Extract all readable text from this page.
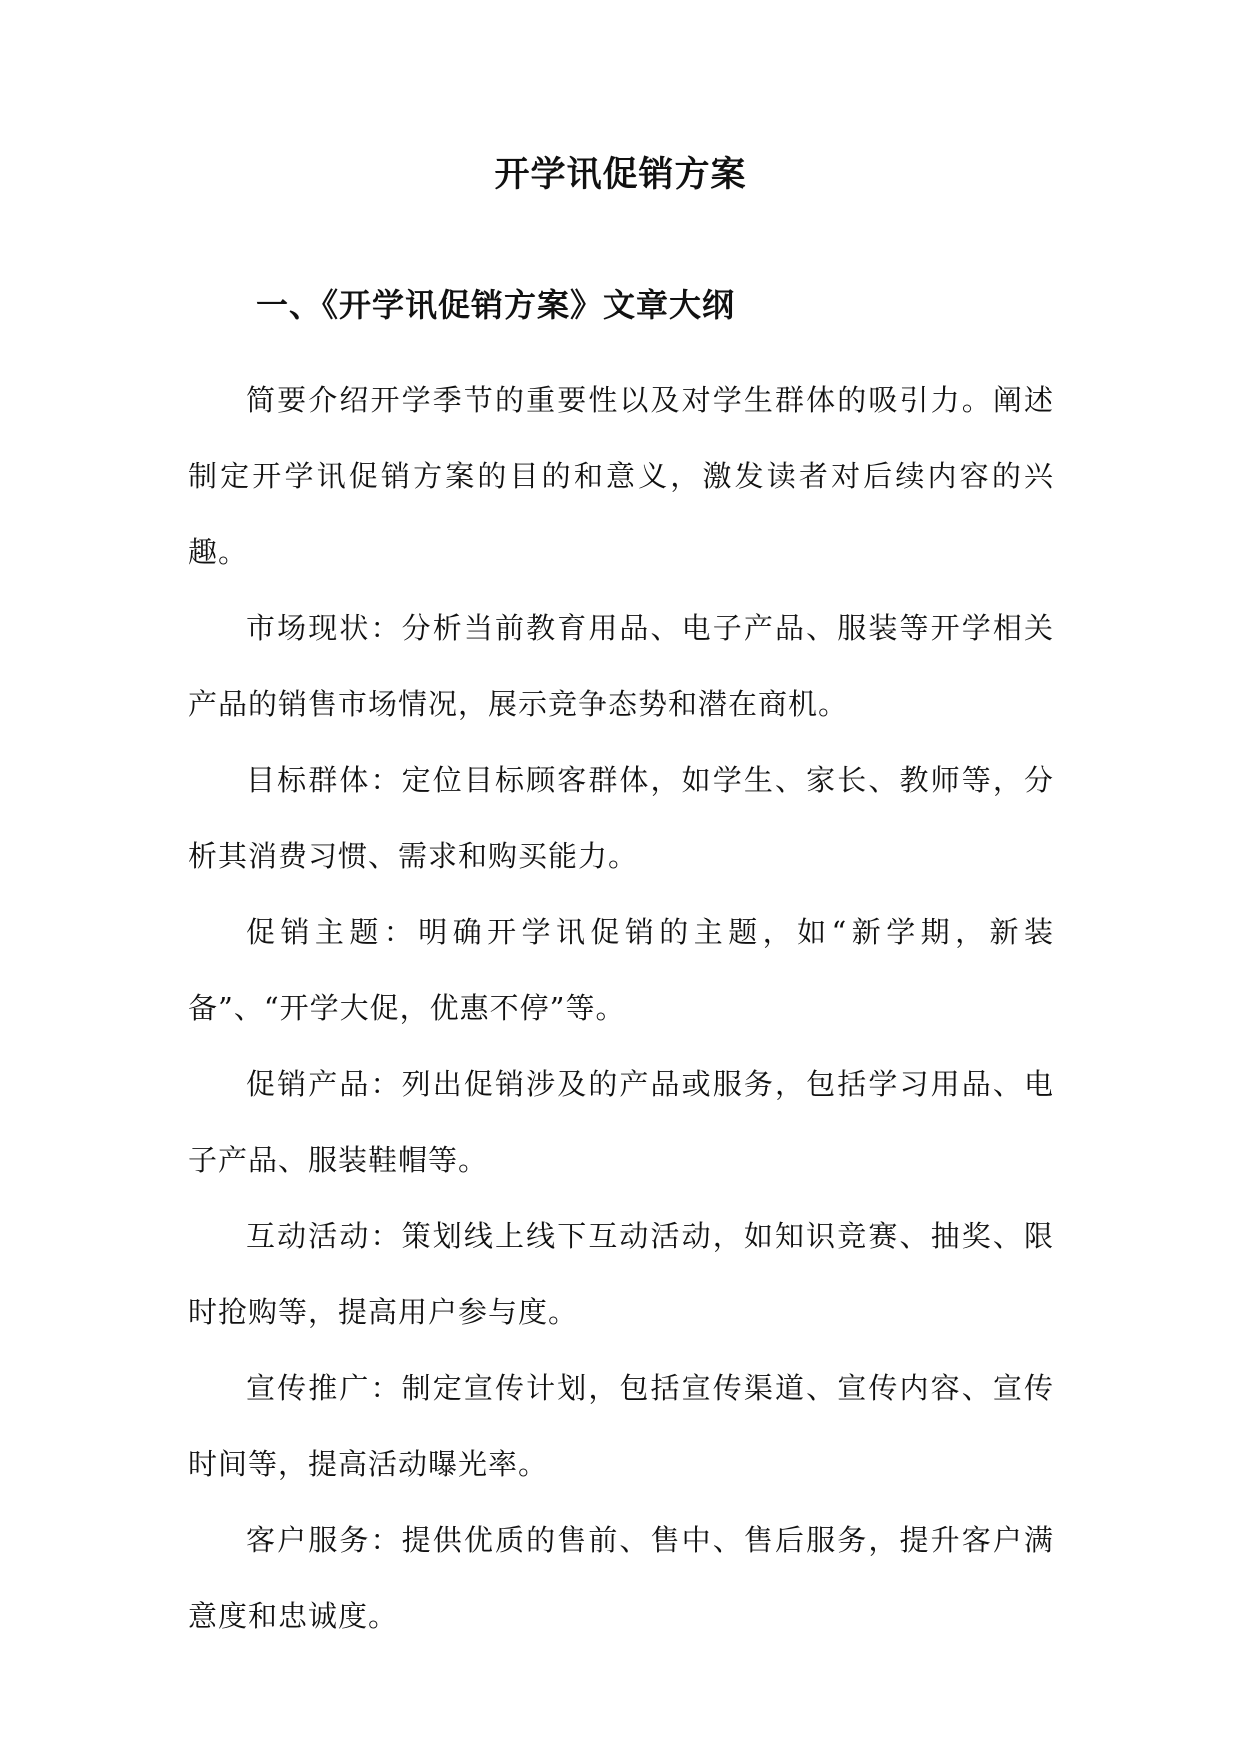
开学讯促销方案
一、《开学讯促销方案》文章大纲

简要介绍开学季节的重要性以及对学生群体的吸引力。阐述制定开学讯促销方案的目的和意义，激发读者对后续内容的兴趣。

市场现状：分析当前教育用品、电子产品、服装等开学相关产品的销售市场情况，展示竞争态势和潜在商机。

目标群体：定位目标顾客群体，如学生、家长、教师等，分析其消费习惯、需求和购买能力。

促销主题：明确开学讯促销的主题，如“新学期，新装备”、“开学大促，优惠不停”等。

促销产品：列出促销涉及的产品或服务，包括学习用品、电子产品、服装鞋帽等。

互动活动：策划线上线下互动活动，如知识竞赛、抽奖、限时抢购等，提高用户参与度。

宣传推广：制定宣传计划，包括宣传渠道、宣传内容、宣传时间等，提高活动曝光率。

客户服务：提供优质的售前、售中、售后服务，提升客户满意度和忠诚度。
